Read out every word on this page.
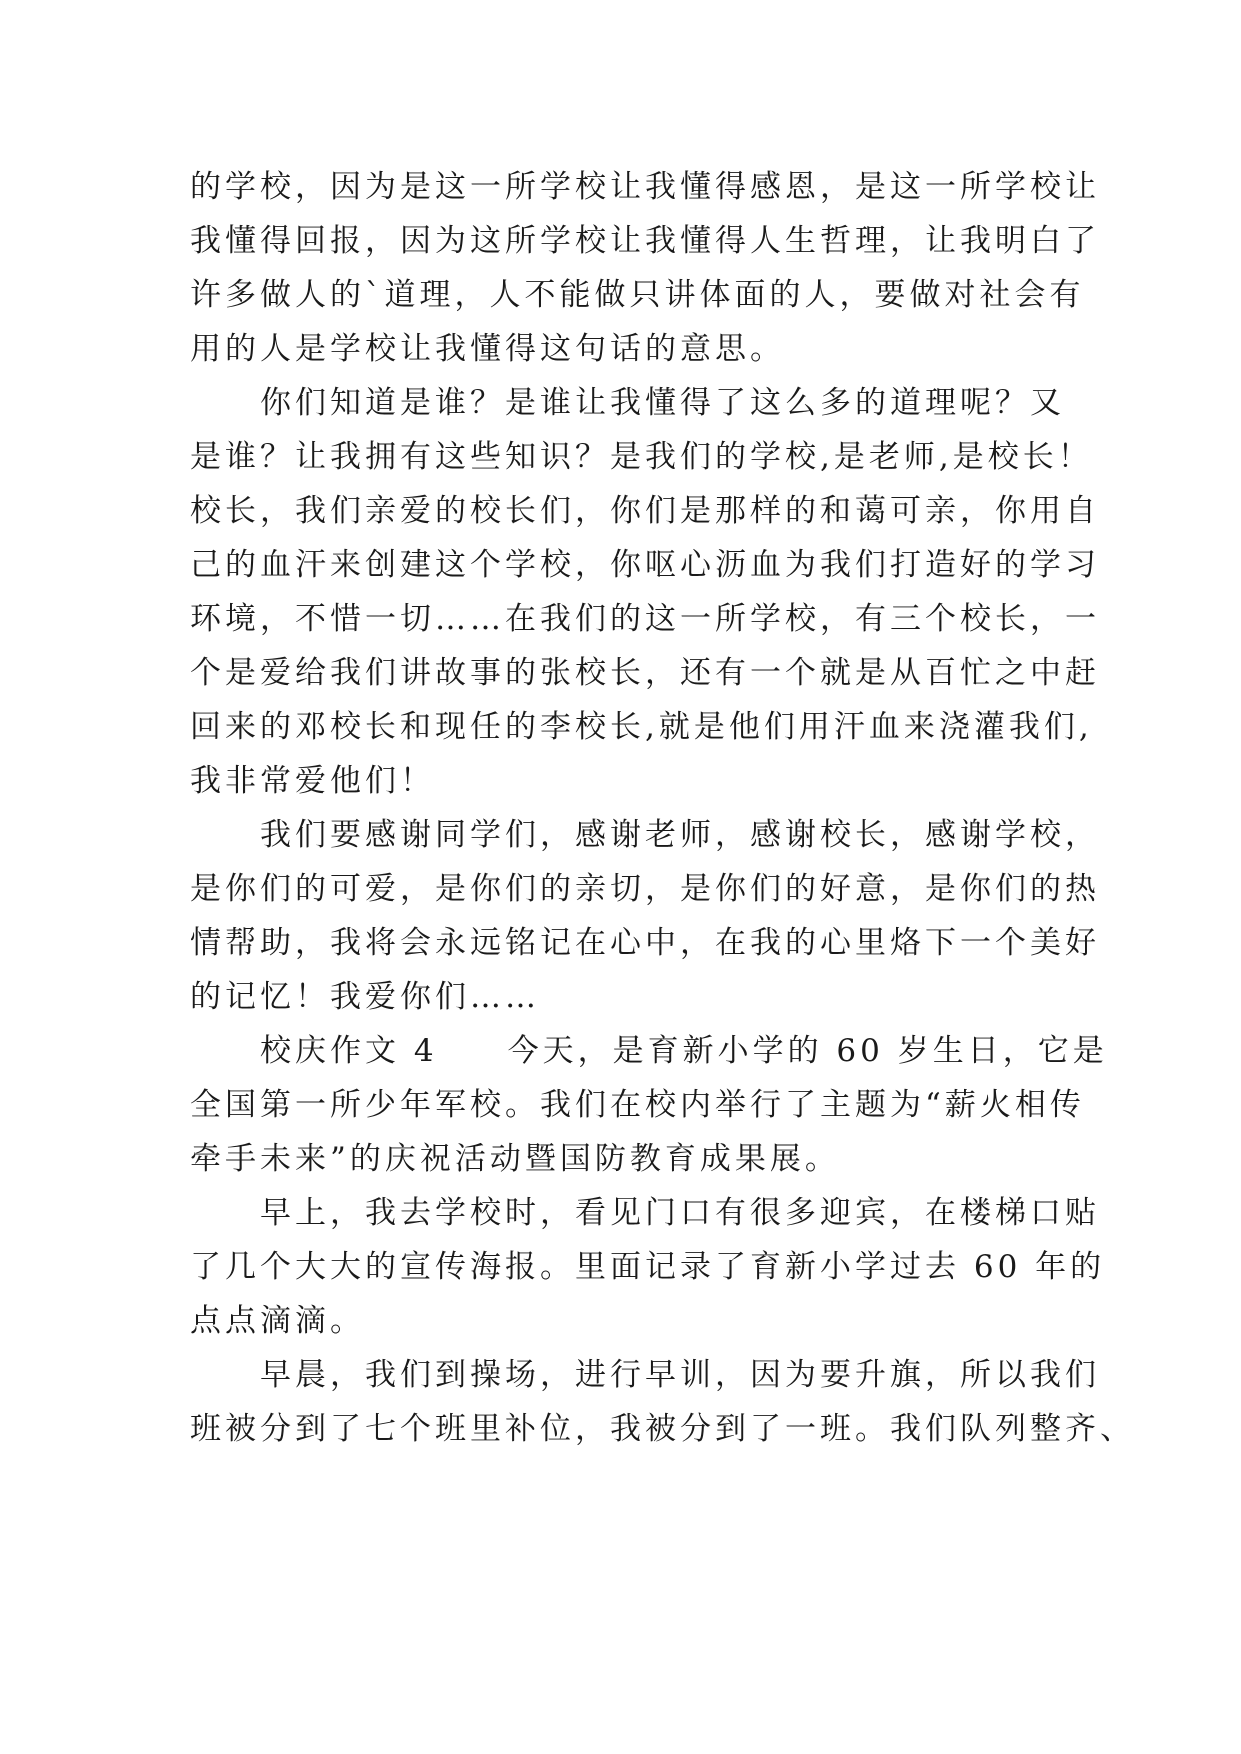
的学校，因为是这一所学校让我懂得感恩，是这一所学校让
我懂得回报，因为这所学校让我懂得人生哲理，让我明白了
许多做人的`道理，人不能做只讲体面的人，要做对社会有
用的人是学校让我懂得这句话的意思。
你们知道是谁？是谁让我懂得了这么多的道理呢？又
是谁？让我拥有这些知识？是我们的学校,是老师,是校长！
校长，我们亲爱的校长们，你们是那样的和蔼可亲，你用自
己的血汗来创建这个学校，你呕心沥血为我们打造好的学习
环境，不惜一切……在我们的这一所学校，有三个校长，一
个是爱给我们讲故事的张校长，还有一个就是从百忙之中赶
回来的邓校长和现任的李校长,就是他们用汗血来浇灌我们,
我非常爱他们！
我们要感谢同学们，感谢老师，感谢校长，感谢学校，
是你们的可爱，是你们的亲切，是你们的好意，是你们的热
情帮助，我将会永远铭记在心中，在我的心里烙下一个美好
的记忆！我爱你们……
校庆作文 4　　今天，是育新小学的 60 岁生日，它是
全国第一所少年军校。我们在校内举行了主题为“薪火相传
牵手未来”的庆祝活动暨国防教育成果展。
早上，我去学校时，看见门口有很多迎宾，在楼梯口贴
了几个大大的宣传海报。里面记录了育新小学过去 60 年的
点点滴滴。
早晨，我们到操场，进行早训，因为要升旗，所以我们
班被分到了七个班里补位，我被分到了一班。我们队列整齐、
